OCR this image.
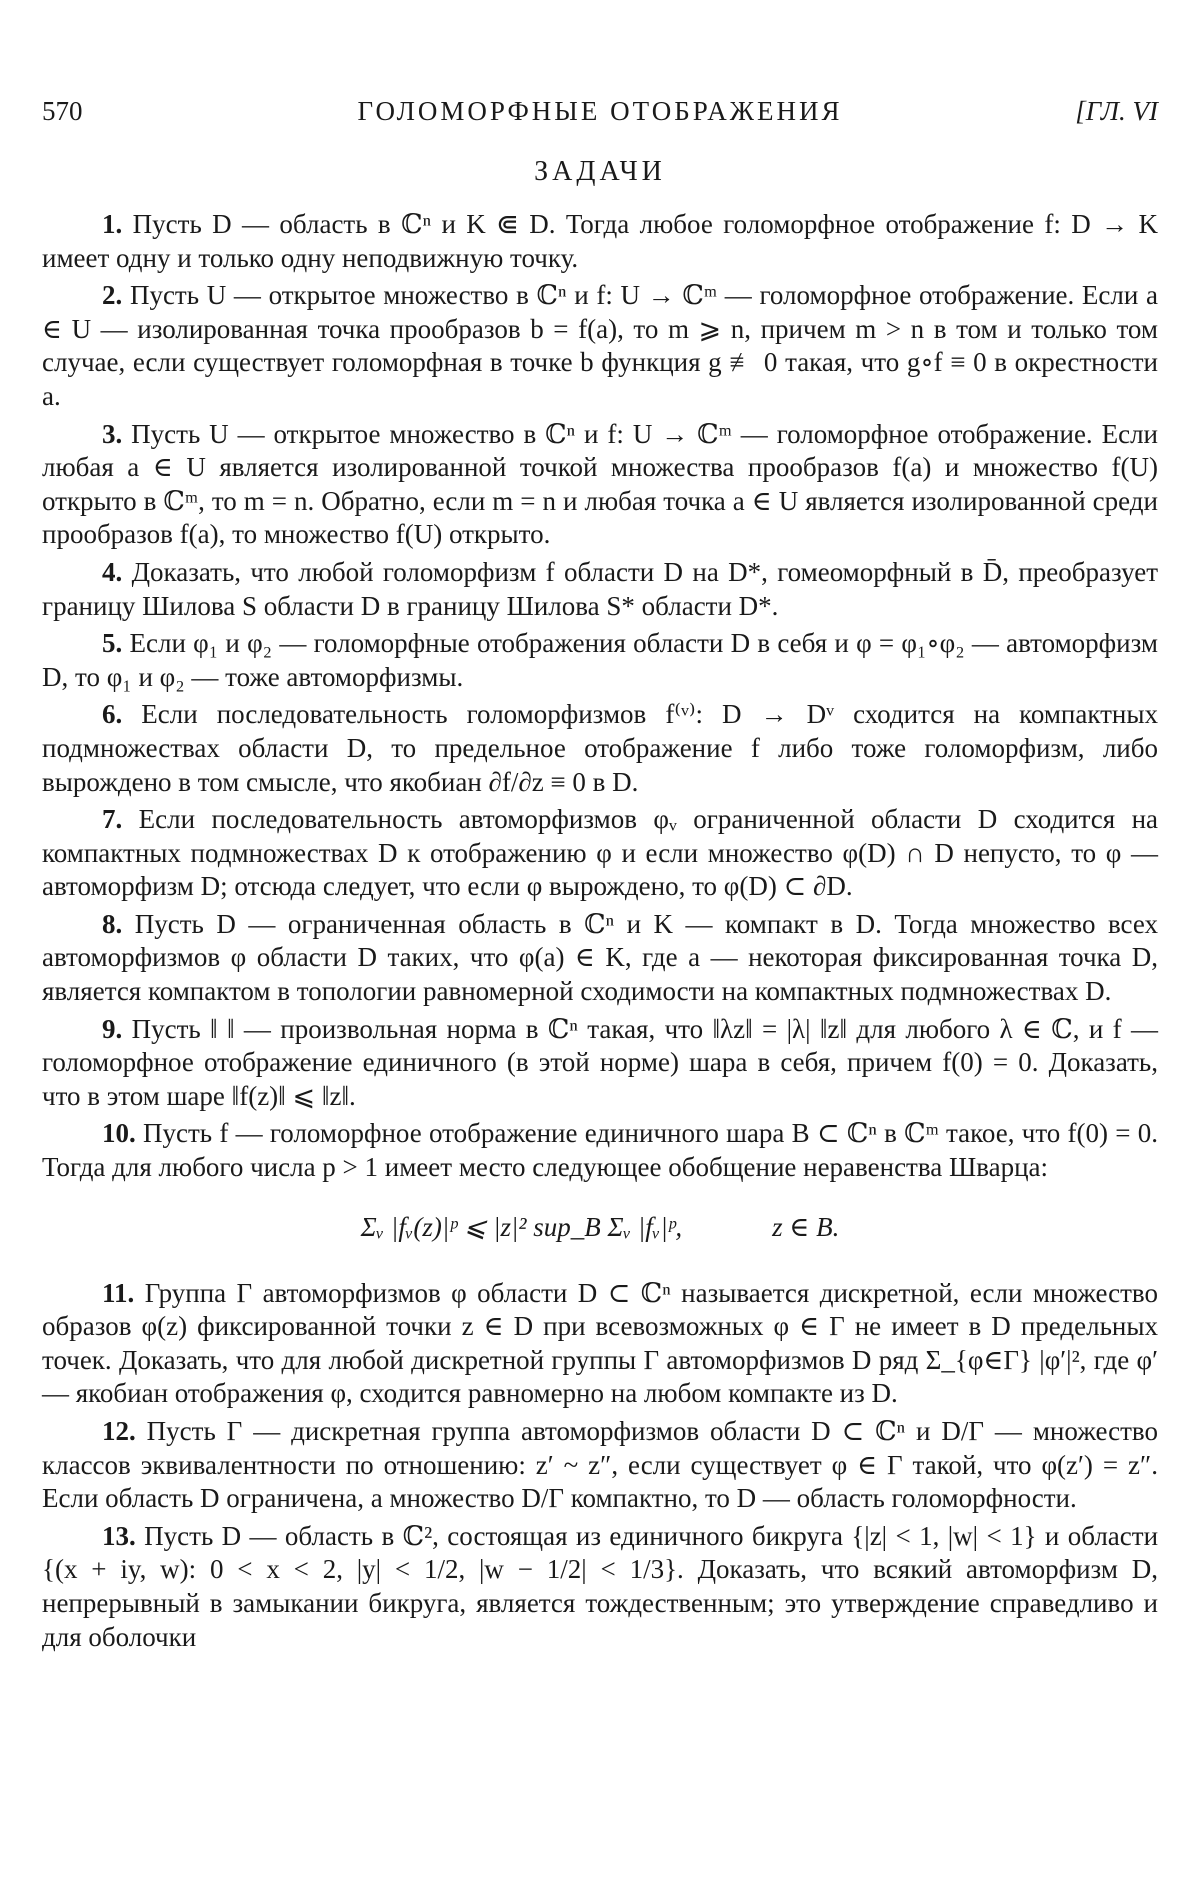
570	ГОЛОМОРФНЫЕ ОТОБРАЖЕНИЯ	[ГЛ. VI
ЗАДАЧИ

1. Пусть D — область в ℂⁿ и K ⋐ D. Тогда любое голоморфное отображение f: D → K имеет одну и только одну неподвижную точку.

2. Пусть U — открытое множество в ℂⁿ и f: U → ℂᵐ — голоморфное отображение. Если a ∈ U — изолированная точка прообразов b = f(a), то m ⩾ n, причем m > n в том и только том случае, если существует голоморфная в точке b функция g ≢ 0 такая, что g∘f ≡ 0 в окрестности a.

3. Пусть U — открытое множество в ℂⁿ и f: U → ℂᵐ — голоморфное отображение. Если любая a ∈ U является изолированной точкой множества прообразов f(a) и множество f(U) открыто в ℂᵐ, то m = n. Обратно, если m = n и любая точка a ∈ U является изолированной среди прообразов f(a), то множество f(U) открыто.

4. Доказать, что любой голоморфизм f области D на D*, гомеоморфный в D̄, преобразует границу Шилова S области D в границу Шилова S* области D*.

5. Если φ₁ и φ₂ — голоморфные отображения области D в себя и φ = φ₁∘φ₂ — автоморфизм D, то φ₁ и φ₂ — тоже автоморфизмы.

6. Если последовательность голоморфизмов f⁽ᵛ⁾: D → Dᵛ сходится на компактных подмножествах области D, то предельное отображение f либо тоже голоморфизм, либо вырождено в том смысле, что якобиан ∂f/∂z ≡ 0 в D.

7. Если последовательность автоморфизмов φᵥ ограниченной области D сходится на компактных подмножествах D к отображению φ и если множество φ(D) ∩ D непусто, то φ — автоморфизм D; отсюда следует, что если φ вырождено, то φ(D) ⊂ ∂D.

8. Пусть D — ограниченная область в ℂⁿ и K — компакт в D. Тогда множество всех автоморфизмов φ области D таких, что φ(a) ∈ K, где a — некоторая фиксированная точка D, является компактом в топологии равномерной сходимости на компактных подмножествах D.

9. Пусть ‖ ‖ — произвольная норма в ℂⁿ такая, что ‖λz‖ = |λ| ‖z‖ для любого λ ∈ ℂ, и f — голоморфное отображение единичного (в этой норме) шара в себя, причем f(0) = 0. Доказать, что в этом шаре ‖f(z)‖ ⩽ ‖z‖.

10. Пусть f — голоморфное отображение единичного шара B ⊂ ℂⁿ в ℂᵐ такое, что f(0) = 0. Тогда для любого числа p > 1 имеет место следующее обобщение неравенства Шварца:

Σᵥ |fᵥ(z)|ᵖ ⩽ |z|² sup_B Σᵥ |fᵥ|ᵖ,	z ∈ B.

11. Группа Γ автоморфизмов φ области D ⊂ ℂⁿ называется дискретной, если множество образов φ(z) фиксированной точки z ∈ D при всевозможных φ ∈ Γ не имеет в D предельных точек. Доказать, что для любой дискретной группы Γ автоморфизмов D ряд Σ_{φ∈Γ} |φ′|², где φ′ — якобиан отображения φ, сходится равномерно на любом компакте из D.

12. Пусть Γ — дискретная группа автоморфизмов области D ⊂ ℂⁿ и D/Γ — множество классов эквивалентности по отношению: z′ ~ z″, если существует φ ∈ Γ такой, что φ(z′) = z″. Если область D ограничена, а множество D/Γ компактно, то D — область голоморфности.

13. Пусть D — область в ℂ², состоящая из единичного бикруга {|z| < 1, |w| < 1} и области {(x + iy, w): 0 < x < 2, |y| < 1/2, |w − 1/2| < 1/3}. Доказать, что всякий автоморфизм D, непрерывный в замыкании бикруга, является тождественным; это утверждение справедливо и для оболочки
